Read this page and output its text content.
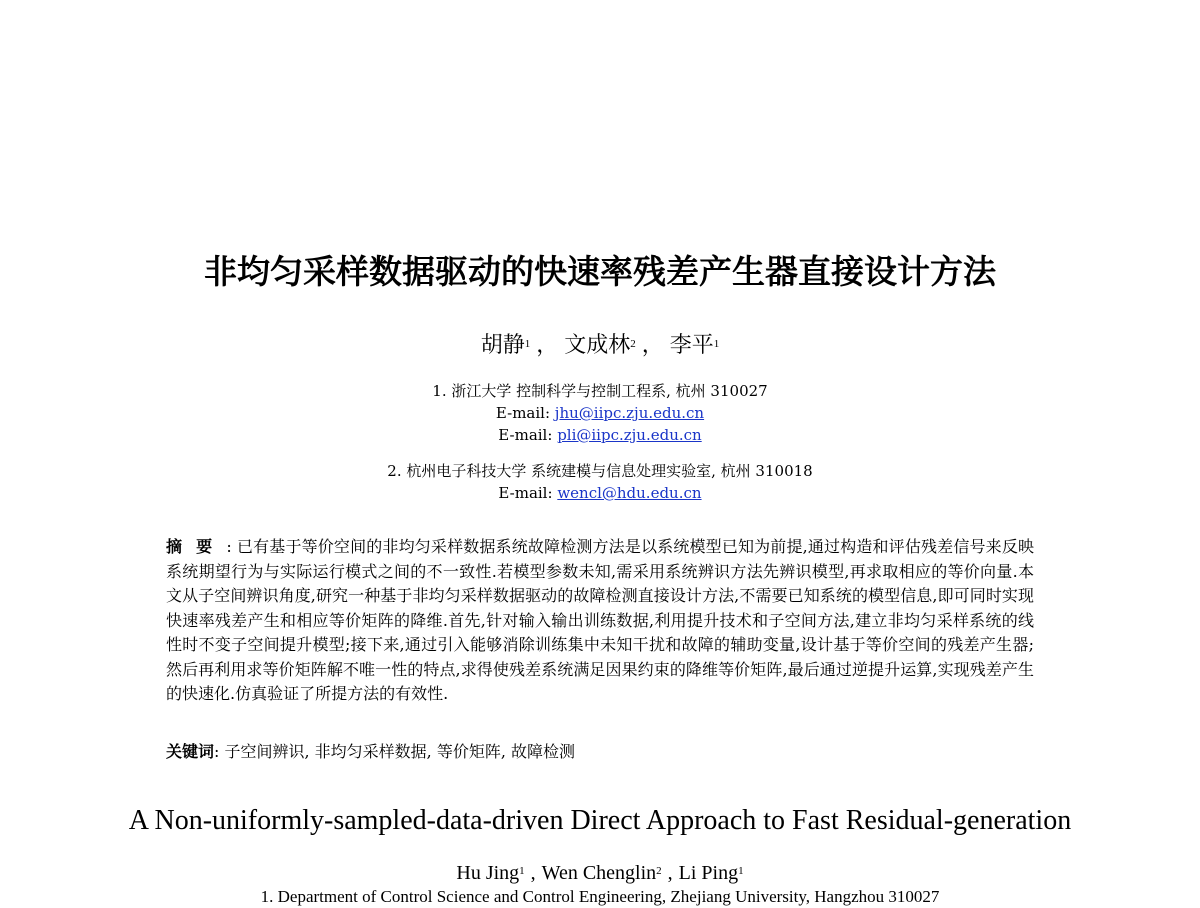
非均匀采样数据驱动的快速率残差产生器直接设计方法
胡静$^1$ ， 文成林$^2$ ， 李平$^1$
1. 浙江大学 控制科学与控制工程系, 杭州 310027
E-mail: jhu@iipc.zju.edu.cn
E-mail: pli@iipc.zju.edu.cn
2. 杭州电子科技大学 系统建模与信息处理实验室, 杭州 310018
E-mail: wencl@hdu.edu.cn
摘要: 已有基于等价空间的非均匀采样数据系统故障检测方法是以系统模型已知为前提,通过构造和评估残差信号来反映系统期望行为与实际运行模式之间的不一致性.若模型参数未知,需采用系统辨识方法先辨识模型,再求取相应的等价向量.本文从子空间辨识角度,研究一种基于非均匀采样数据驱动的故障检测直接设计方法,不需要已知系统的模型信息,即可同时实现快速率残差产生和相应等价矩阵的降维.首先,针对输入输出训练数据,利用提升技术和子空间方法,建立非均匀采样系统的线性时不变子空间提升模型;接下来,通过引入能够消除训练集中未知干扰和故障的辅助变量,设计基于等价空间的残差产生器;然后再利用求等价矩阵解不唯一性的特点,求得使残差系统满足因果约束的降维等价矩阵,最后通过逆提升运算,实现残差产生的快速化.仿真验证了所提方法的有效性.
关键词: 子空间辨识, 非均匀采样数据, 等价矩阵, 故障检测
A Non-uniformly-sampled-data-driven Direct Approach to Fast Residual-generation
Hu Jing$^1$ , Wen Chenglin$^2$ , Li Ping$^1$
1. Department of Control Science and Control Engineering, Zhejiang University, Hangzhou 310027
